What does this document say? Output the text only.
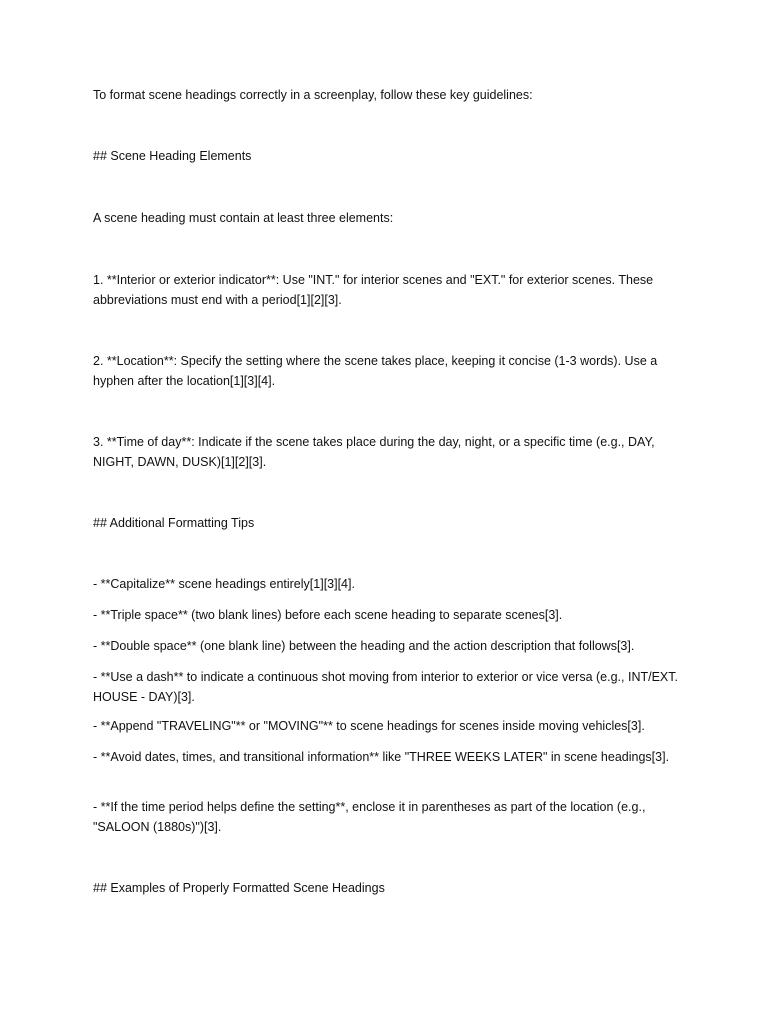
To format scene headings correctly in a screenplay, follow these key guidelines:

## Scene Heading Elements

A scene heading must contain at least three elements:

1. **Interior or exterior indicator**: Use "INT." for interior scenes and "EXT." for exterior scenes. These abbreviations must end with a period[1][2][3].

2. **Location**: Specify the setting where the scene takes place, keeping it concise (1-3 words). Use a hyphen after the location[1][3][4].

3. **Time of day**: Indicate if the scene takes place during the day, night, or a specific time (e.g., DAY, NIGHT, DAWN, DUSK)[1][2][3].

## Additional Formatting Tips

- **Capitalize** scene headings entirely[1][3][4].

- **Triple space** (two blank lines) before each scene heading to separate scenes[3].

- **Double space** (one blank line) between the heading and the action description that follows[3].

- **Use a dash** to indicate a continuous shot moving from interior to exterior or vice versa (e.g., INT/EXT. HOUSE - DAY)[3].

- **Append "TRAVELING"** or "MOVING"** to scene headings for scenes inside moving vehicles[3].

- **Avoid dates, times, and transitional information** like "THREE WEEKS LATER" in scene headings[3].

- **If the time period helps define the setting**, enclose it in parentheses as part of the location (e.g., "SALOON (1880s)")[3].

## Examples of Properly Formatted Scene Headings
